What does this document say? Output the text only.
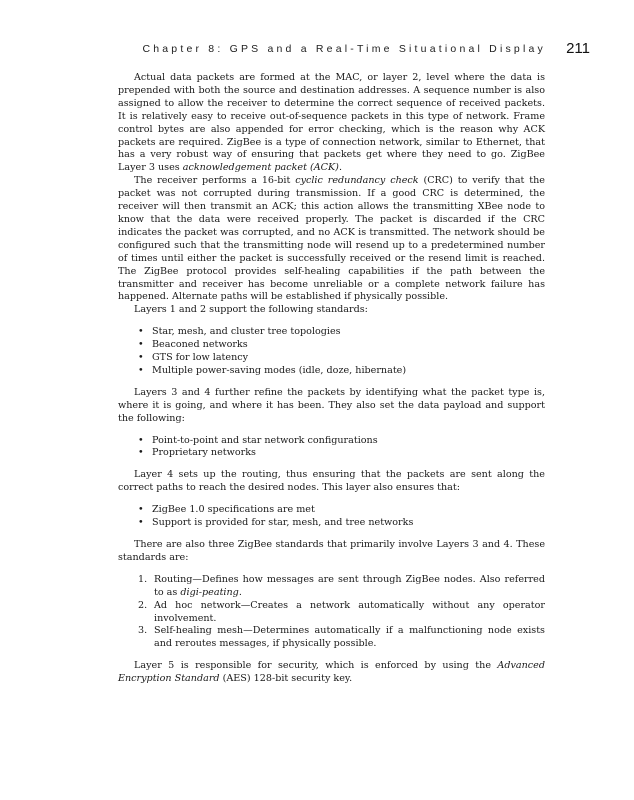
Chapter 8: GPS and a Real-Time Situational Display 211

Actual data packets are formed at the MAC, or layer 2, level where the data is prepended with both the source and destination addresses. A sequence number is also assigned to allow the receiver to determine the correct sequence of received packets. It is relatively easy to receive out-of-sequence packets in this type of network. Frame control bytes are also appended for error checking, which is the reason why ACK packets are required. ZigBee is a type of connection network, similar to Ethernet, that has a very robust way of ensuring that packets get where they need to go. ZigBee Layer 3 uses acknowledgement packet (ACK).

The receiver performs a 16-bit cyclic redundancy check (CRC) to verify that the packet was not corrupted during transmission. If a good CRC is determined, the receiver will then transmit an ACK; this action allows the transmitting XBee node to know that the data were received properly. The packet is discarded if the CRC indicates the packet was corrupted, and no ACK is transmitted. The network should be configured such that the transmitting node will resend up to a predetermined number of times until either the packet is successfully received or the resend limit is reached. The ZigBee protocol provides self-healing capabilities if the path between the transmitter and receiver has become unreliable or a complete network failure has happened. Alternate paths will be established if physically possible.

Layers 1 and 2 support the following standards:

• Star, mesh, and cluster tree topologies
• Beaconed networks
• GTS for low latency
• Multiple power-saving modes (idle, doze, hibernate)

Layers 3 and 4 further refine the packets by identifying what the packet type is, where it is going, and where it has been. They also set the data payload and support the following:

• Point-to-point and star network configurations
• Proprietary networks

Layer 4 sets up the routing, thus ensuring that the packets are sent along the correct paths to reach the desired nodes. This layer also ensures that:

• ZigBee 1.0 specifications are met
• Support is provided for star, mesh, and tree networks

There are also three ZigBee standards that primarily involve Layers 3 and 4. These standards are:

1. Routing—Defines how messages are sent through ZigBee nodes. Also referred to as digi-peating.
2. Ad hoc network—Creates a network automatically without any operator involvement.
3. Self-healing mesh—Determines automatically if a malfunctioning node exists and reroutes messages, if physically possible.

Layer 5 is responsible for security, which is enforced by using the Advanced Encryption Standard (AES) 128-bit security key.
